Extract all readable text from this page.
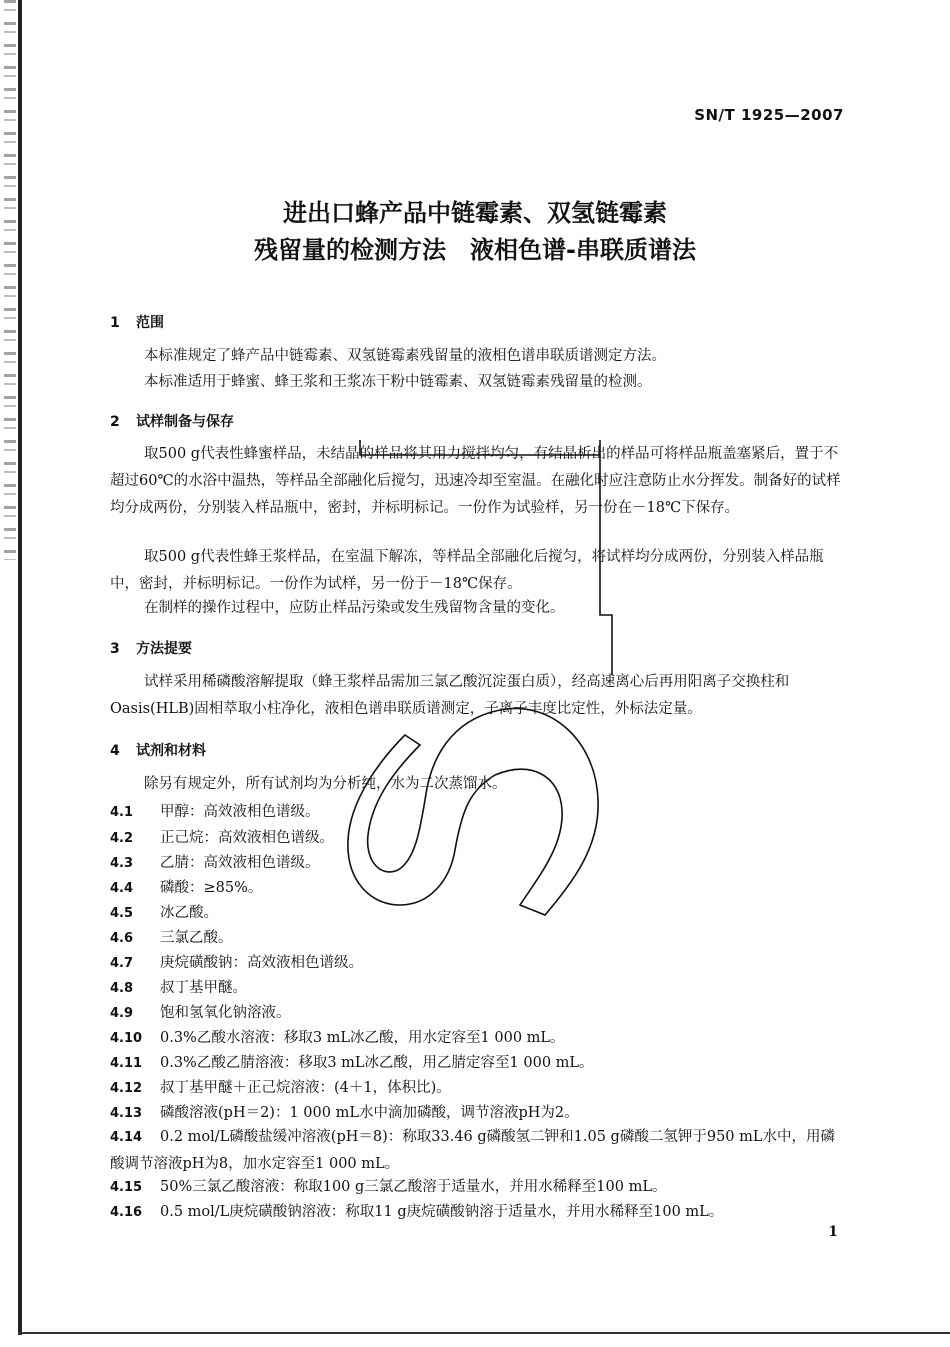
SN/T 1925—2007
进出口蜂产品中链霉素、双氢链霉素
残留量的检测方法　液相色谱-串联质谱法
1 范围
本标准规定了蜂产品中链霉素、双氢链霉素残留量的液相色谱串联质谱测定方法。
本标准适用于蜂蜜、蜂王浆和王浆冻干粉中链霉素、双氢链霉素残留量的检测。
2 试样制备与保存
取500 g代表性蜂蜜样品，未结晶的样品将其用力搅拌均匀，有结晶析出的样品可将样品瓶盖塞紧后，置于不超过60℃的水浴中温热，等样品全部融化后搅匀，迅速冷却至室温。在融化时应注意防止水分挥发。制备好的试样均分成两份，分别装入样品瓶中，密封，并标明标记。一份作为试验样，另一份在－18℃下保存。
取500 g代表性蜂王浆样品，在室温下解冻，等样品全部融化后搅匀，将试样均分成两份，分别装入样品瓶中，密封，并标明标记。一份作为试样，另一份于－18℃保存。
在制样的操作过程中，应防止样品污染或发生残留物含量的变化。
3 方法提要
试样采用稀磷酸溶解提取（蜂王浆样品需加三氯乙酸沉淀蛋白质），经高速离心后再用阳离子交换柱和Oasis(HLB)固相萃取小柱净化，液相色谱串联质谱测定，子离子丰度比定性，外标法定量。
4 试剂和材料
除另有规定外，所有试剂均为分析纯，水为二次蒸馏水。
4.1 甲醇：高效液相色谱级。
4.2 正己烷：高效液相色谱级。
4.3 乙腈：高效液相色谱级。
4.4 磷酸：≥85%。
4.5 冰乙酸。
4.6 三氯乙酸。
4.7 庚烷磺酸钠：高效液相色谱级。
4.8 叔丁基甲醚。
4.9 饱和氢氧化钠溶液。
4.10 0.3%乙酸水溶液：移取3 mL冰乙酸，用水定容至1 000 mL。
4.11 0.3%乙酸乙腈溶液：移取3 mL冰乙酸，用乙腈定容至1 000 mL。
4.12 叔丁基甲醚＋正己烷溶液：(4＋1，体积比)。
4.13 磷酸溶液(pH＝2)：1 000 mL水中滴加磷酸，调节溶液pH为2。
4.14 0.2 mol/L磷酸盐缓冲溶液(pH＝8)：称取33.46 g磷酸氢二钾和1.05 g磷酸二氢钾于950 mL水中，用磷酸调节溶液pH为8，加水定容至1 000 mL。
4.15 50%三氯乙酸溶液：称取100 g三氯乙酸溶于适量水，并用水稀释至100 mL。
4.16 0.5 mol/L庚烷磺酸钠溶液：称取11 g庚烷磺酸钠溶于适量水，并用水稀释至100 mL。
1
